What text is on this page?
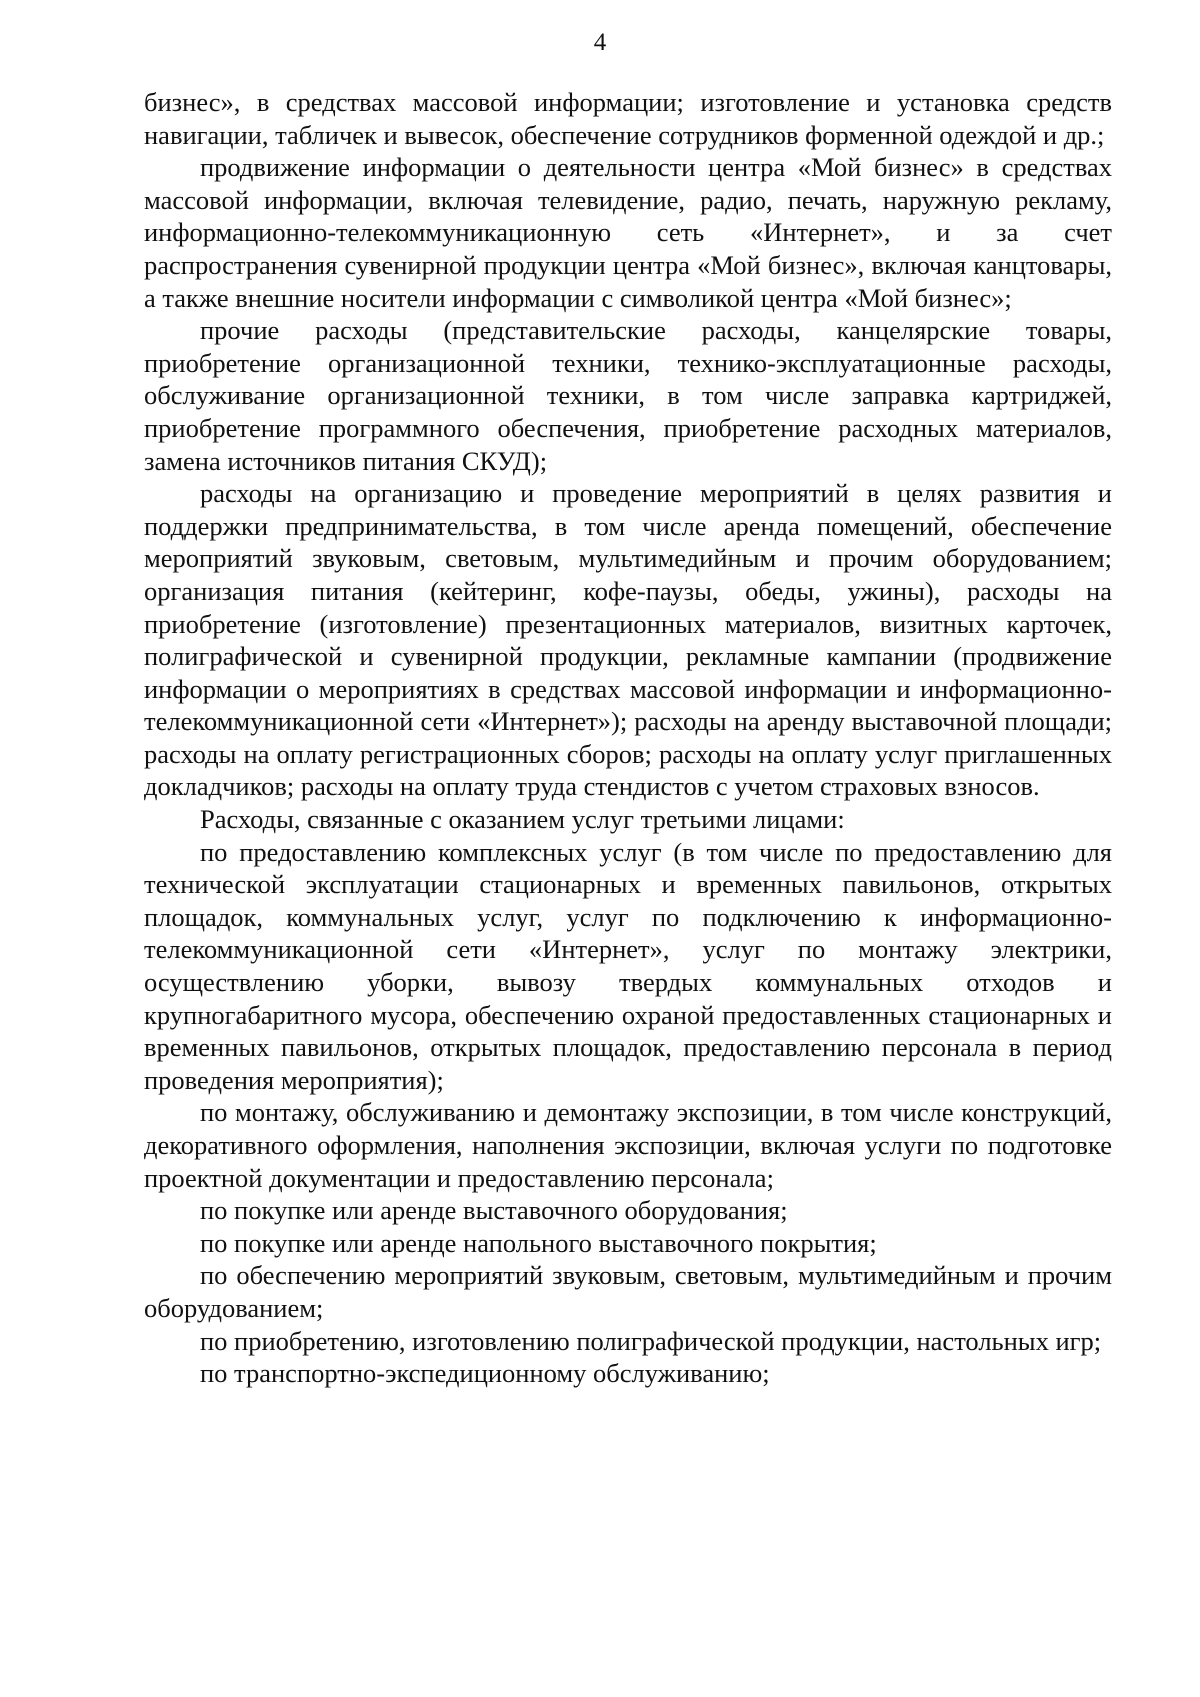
4

бизнес», в средствах массовой информации; изготовление и установка средств навигации, табличек и вывесок, обеспечение сотрудников форменной одеждой и др.;

продвижение информации о деятельности центра «Мой бизнес» в средствах массовой информации, включая телевидение, радио, печать, наружную рекламу, информационно-телекоммуникационную сеть «Интернет», и за счет распространения сувенирной продукции центра «Мой бизнес», включая канцтовары, а также внешние носители информации с символикой центра «Мой бизнес»;

прочие расходы (представительские расходы, канцелярские товары, приобретение организационной техники, технико-эксплуатационные расходы, обслуживание организационной техники, в том числе заправка картриджей, приобретение программного обеспечения, приобретение расходных материалов, замена источников питания СКУД);

расходы на организацию и проведение мероприятий в целях развития и поддержки предпринимательства, в том числе аренда помещений, обеспечение мероприятий звуковым, световым, мультимедийным и прочим оборудованием; организация питания (кейтеринг, кофе-паузы, обеды, ужины), расходы на приобретение (изготовление) презентационных материалов, визитных карточек, полиграфической и сувенирной продукции, рекламные кампании (продвижение информации о мероприятиях в средствах массовой информации и информационно-телекоммуникационной сети «Интернет»); расходы на аренду выставочной площади; расходы на оплату регистрационных сборов; расходы на оплату услуг приглашенных докладчиков; расходы на оплату труда стендистов с учетом страховых взносов.

Расходы, связанные с оказанием услуг третьими лицами:

по предоставлению комплексных услуг (в том числе по предоставлению для технической эксплуатации стационарных и временных павильонов, открытых площадок, коммунальных услуг, услуг по подключению к информационно-телекоммуникационной сети «Интернет», услуг по монтажу электрики, осуществлению уборки, вывозу твердых коммунальных отходов и крупногабаритного мусора, обеспечению охраной предоставленных стационарных и временных павильонов, открытых площадок, предоставлению персонала в период проведения мероприятия);

по монтажу, обслуживанию и демонтажу экспозиции, в том числе конструкций, декоративного оформления, наполнения экспозиции, включая услуги по подготовке проектной документации и предоставлению персонала;

по покупке или аренде выставочного оборудования;

по покупке или аренде напольного выставочного покрытия;

по обеспечению мероприятий звуковым, световым, мультимедийным и прочим оборудованием;

по приобретению, изготовлению полиграфической продукции, настольных игр;

по транспортно-экспедиционному обслуживанию;
